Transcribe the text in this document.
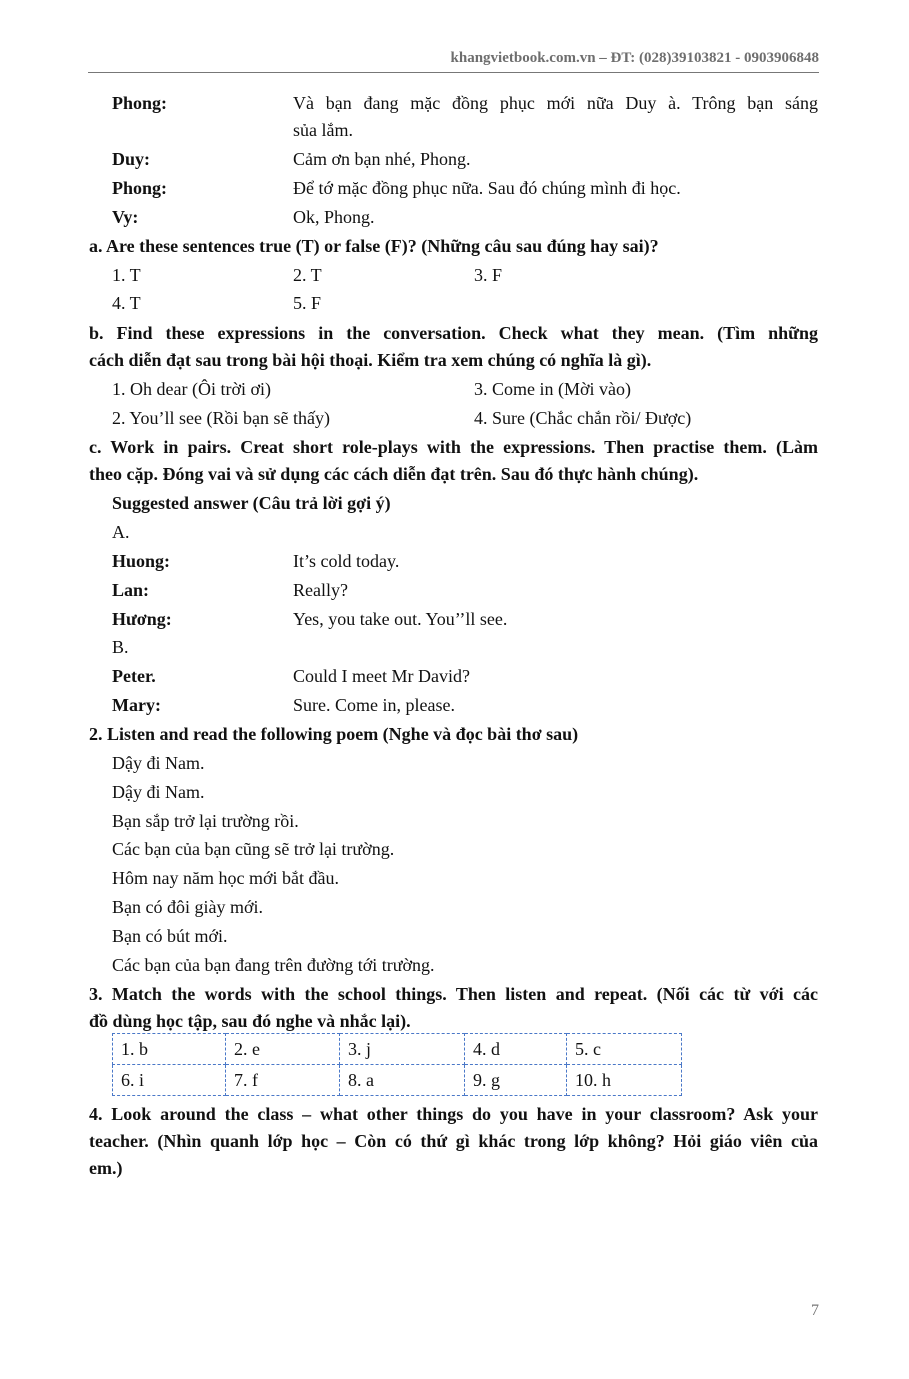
khangvietbook.com.vn – ĐT: (028)39103821 - 0903906848
Phong:	Và bạn đang mặc đồng phục mới nữa Duy à. Trông bạn sáng
sủa lắm.
Duy:	Cảm ơn bạn nhé, Phong.
Phong:	Để tớ mặc đồng phục nữa. Sau đó chúng mình đi học.
Vy:	Ok, Phong.
a. Are these sentences true (T) or false (F)? (Những câu sau đúng hay sai)?
1. T	2. T	3. F
4. T	5. F
b. Find these expressions in the conversation. Check what they mean. (Tìm những
cách diễn đạt sau trong bài hội thoại. Kiểm tra xem chúng có nghĩa là gì).
1. Oh dear (Ôi trời ơi)	3. Come in (Mời vào)
2. You’ll see (Rồi bạn sẽ thấy)	4. Sure (Chắc chắn rồi/ Được)
c. Work in pairs. Creat short role-plays with the expressions. Then practise them. (Làm
theo cặp. Đóng vai và sử dụng các cách diễn đạt trên. Sau đó thực hành chúng).
Suggested answer (Câu trả lời gợi ý)
A.
Huong:	It’s cold today.
Lan:	Really?
Hương:	Yes, you take out. You’’ll see.
B.
Peter.	Could I meet Mr David?
Mary:	Sure. Come in, please.
2. Listen and read the following poem (Nghe và đọc bài thơ sau)
Dậy đi Nam.
Dậy đi Nam.
Bạn sắp trở lại trường rồi.
Các bạn của bạn cũng sẽ trở lại trường.
Hôm nay năm học mới bắt đầu.
Bạn có đôi giày mới.
Bạn có bút mới.
Các bạn của bạn đang trên đường tới trường.
3. Match the words with the school things. Then listen and repeat. (Nối các từ với các
đồ dùng học tập, sau đó nghe và nhắc lại).
1. b	2. e	3. j	4. d	5. c
6. i	7. f	8. a	9. g	10. h
4. Look around the class – what other things do you have in your classroom? Ask your
teacher. (Nhìn quanh lớp học – Còn có thứ gì khác trong lớp không? Hỏi giáo viên của
em.)
7
